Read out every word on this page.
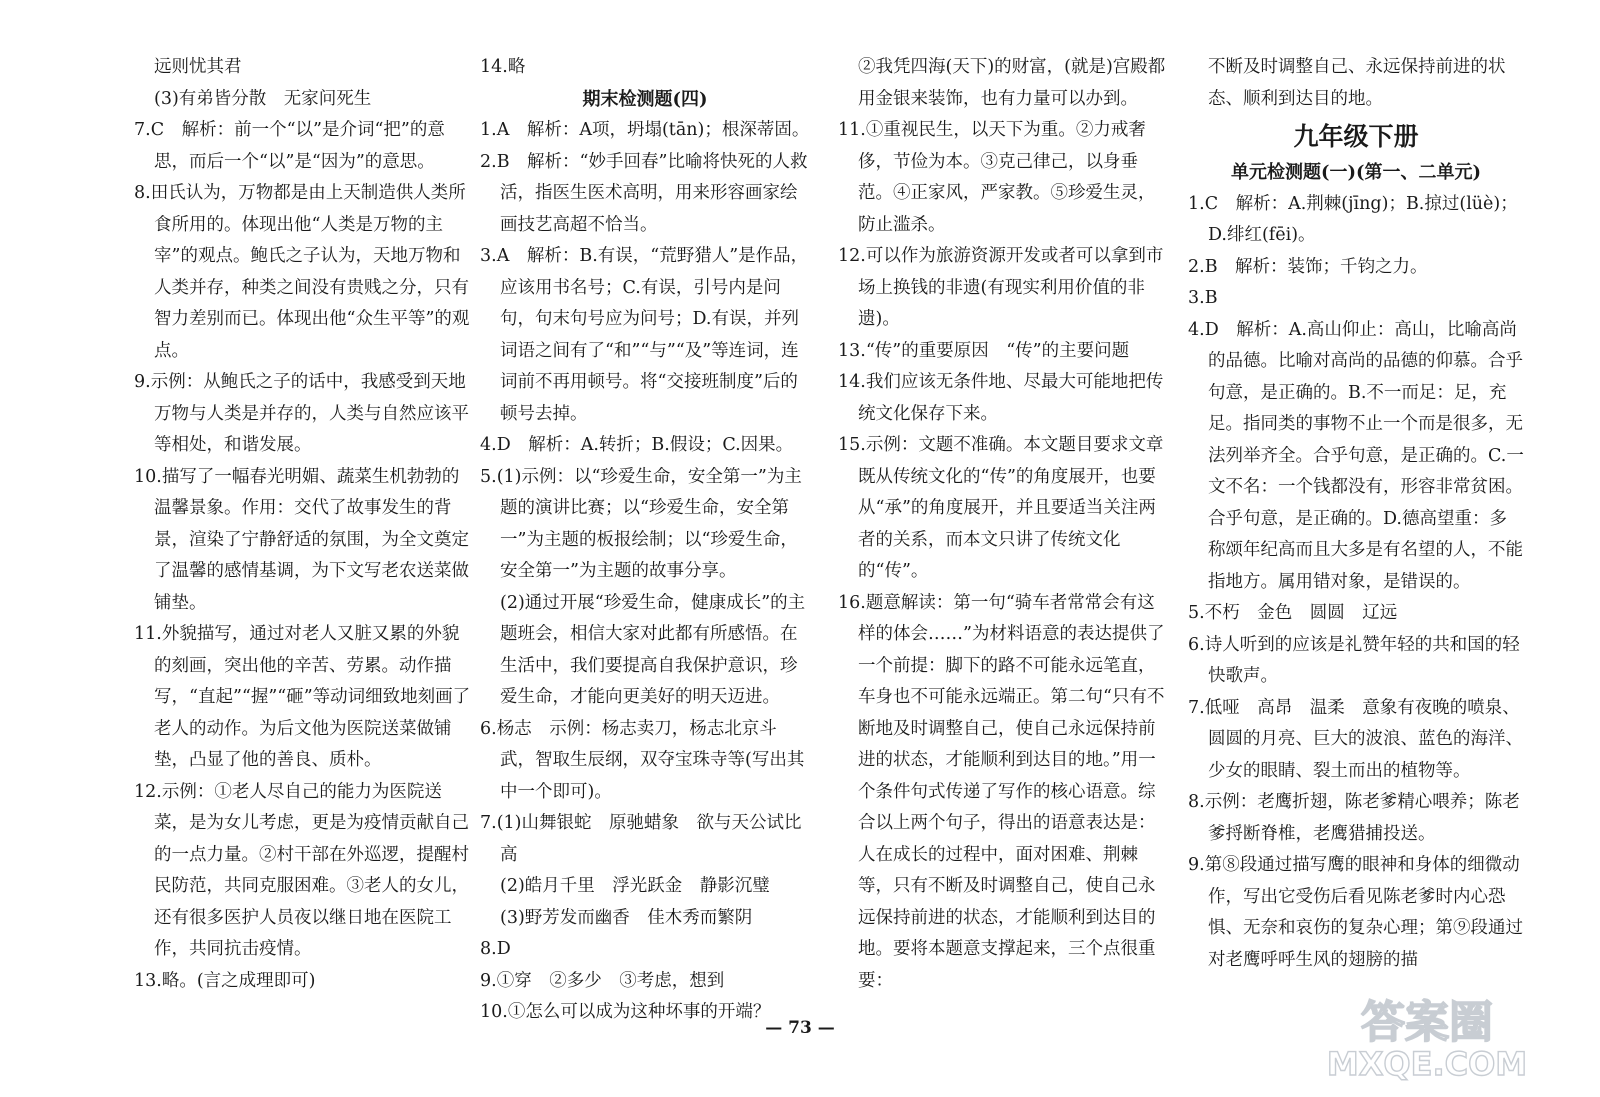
远则忧其君

(3)有弟皆分散　无家问死生

7.C　解析：前一个“以”是介词“把”的意思，而后一个“以”是“因为”的意思。

8.田氏认为，万物都是由上天制造供人类所食所用的。体现出他“人类是万物的主宰”的观点。鲍氏之子认为，天地万物和人类并存，种类之间没有贵贱之分，只有智力差别而已。体现出他“众生平等”的观点。

9.示例：从鲍氏之子的话中，我感受到天地万物与人类是并存的，人类与自然应该平等相处，和谐发展。

10.描写了一幅春光明媚、蔬菜生机勃勃的温馨景象。作用：交代了故事发生的背景，渲染了宁静舒适的氛围，为全文奠定了温馨的感情基调，为下文写老农送菜做铺垫。

11.外貌描写，通过对老人又脏又累的外貌的刻画，突出他的辛苦、劳累。动作描写，“直起”“握”“砸”等动词细致地刻画了老人的动作。为后文他为医院送菜做铺垫，凸显了他的善良、质朴。

12.示例：①老人尽自己的能力为医院送菜，是为女儿考虑，更是为疫情贡献自己的一点力量。②村干部在外巡逻，提醒村民防范，共同克服困难。③老人的女儿，还有很多医护人员夜以继日地在医院工作，共同抗击疫情。

13.略。(言之成理即可)

14.略

期末检测题(四)

1.A　解析：A项，坍塌(tān)；根深蒂固。

2.B　解析：“妙手回春”比喻将快死的人救活，指医生医术高明，用来形容画家绘画技艺高超不恰当。

3.A　解析：B.有误，“荒野猎人”是作品，应该用书名号；C.有误，引号内是问句，句末句号应为问号；D.有误，并列词语之间有了“和”“与”“及”等连词，连词前不再用顿号。将“交接班制度”后的顿号去掉。

4.D　解析：A.转折；B.假设；C.因果。

5.(1)示例：以“珍爱生命，安全第一”为主题的演讲比赛；以“珍爱生命，安全第一”为主题的板报绘制；以“珍爱生命，安全第一”为主题的故事分享。

(2)通过开展“珍爱生命，健康成长”的主题班会，相信大家对此都有所感悟。在生活中，我们要提高自我保护意识，珍爱生命，才能向更美好的明天迈进。

6.杨志　示例：杨志卖刀，杨志北京斗武，智取生辰纲，双夺宝珠寺等(写出其中一个即可)。

7.(1)山舞银蛇　原驰蜡象　欲与天公试比高

(2)皓月千里　浮光跃金　静影沉璧

(3)野芳发而幽香　佳木秀而繁阴

8.D

9.①穿　②多少　③考虑，想到

10.①怎么可以成为这种坏事的开端？

②我凭四海(天下)的财富，(就是)宫殿都用金银来装饰，也有力量可以办到。

11.①重视民生，以天下为重。②力戒奢侈，节俭为本。③克己律己，以身垂范。④正家风，严家教。⑤珍爱生灵，防止滥杀。

12.可以作为旅游资源开发或者可以拿到市场上换钱的非遗(有现实利用价值的非遗)。

13.“传”的重要原因　“传”的主要问题

14.我们应该无条件地、尽最大可能地把传统文化保存下来。

15.示例：文题不准确。本文题目要求文章既从传统文化的“传”的角度展开，也要从“承”的角度展开，并且要适当关注两者的关系，而本文只讲了传统文化的“传”。

16.题意解读：第一句“骑车者常常会有这样的体会……”为材料语意的表达提供了一个前提：脚下的路不可能永远笔直，车身也不可能永远端正。第二句“只有不断地及时调整自己，使自己永远保持前进的状态，才能顺利到达目的地。”用一个条件句式传递了写作的核心语意。综合以上两个句子，得出的语意表达是：人在成长的过程中，面对困难、荆棘等，只有不断及时调整自己，使自己永远保持前进的状态，才能顺利到达目的地。要将本题意支撑起来，三个点很重要：

不断及时调整自己、永远保持前进的状态、顺利到达目的地。

九年级下册

单元检测题(一)(第一、二单元)

1.C　解析：A.荆棘(jīng)；B.掠过(lüè)；D.绯红(fēi)。

2.B　解析：装饰；千钧之力。

3.B

4.D　解析：A.高山仰止：高山，比喻高尚的品德。比喻对高尚的品德的仰慕。合乎句意，是正确的。B.不一而足：足，充足。指同类的事物不止一个而是很多，无法列举齐全。合乎句意，是正确的。C.一文不名：一个钱都没有，形容非常贫困。合乎句意，是正确的。D.德高望重：多称颂年纪高而且大多是有名望的人，不能指地方。属用错对象，是错误的。

5.不朽　金色　圆圆　辽远

6.诗人听到的应该是礼赞年轻的共和国的轻快歌声。

7.低哑　高昂　温柔　意象有夜晚的喷泉、圆圆的月亮、巨大的波浪、蓝色的海洋、少女的眼睛、裂土而出的植物等。

8.示例：老鹰折翅，陈老爹精心喂养；陈老爹捋断脊椎，老鹰猎捕投送。

9.第⑧段通过描写鹰的眼神和身体的细微动作，写出它受伤后看见陈老爹时内心恐惧、无奈和哀伤的复杂心理；第⑨段通过对老鹰呼呼生风的翅膀的描

— 73 —	答案圈
MXQE.COM
